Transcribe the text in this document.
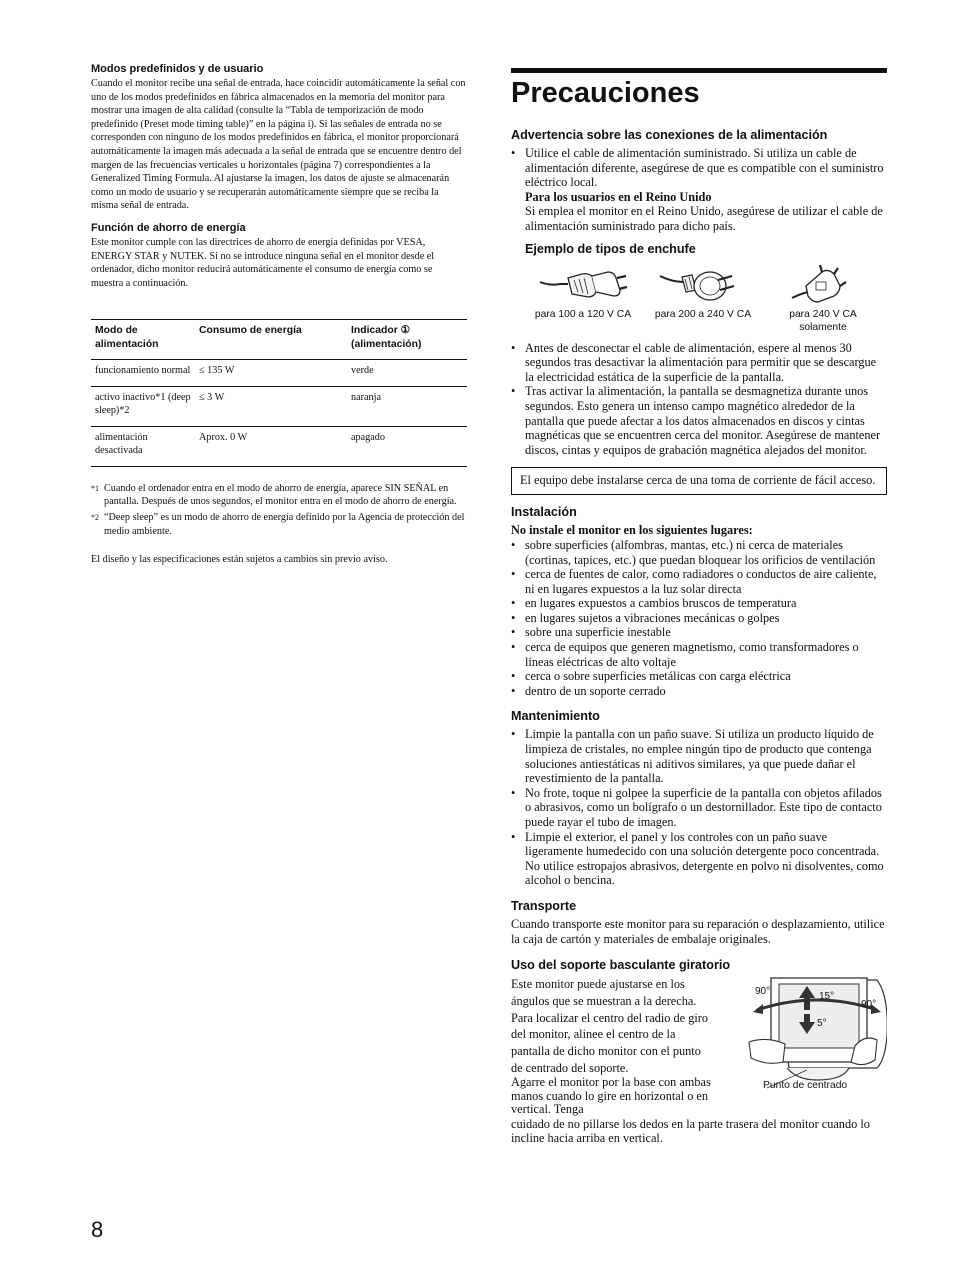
Modos predefinidos y de usuario

Cuando el monitor recibe una señal de entrada, hace coincidir automáticamente la señal con uno de los modos predefinidos en fábrica almacenados en la memoria del monitor para mostrar una imagen de alta calidad (consulte la “Tabla de temporización de modo predefinido (Preset mode timing table)” en la página i). Si las señales de entrada no se corresponden con ninguno de los modos predefinidos en fábrica, el monitor proporcionará automáticamente la imagen más adecuada a la señal de entrada que se encuentre dentro del margen de las frecuencias verticales u horizontales (página 7) correspondientes a la Generalized Timing Formula. Al ajustarse la imagen, los datos de ajuste se almacenarán como un modo de usuario y se recuperarán automáticamente siempre que se reciba la misma señal de entrada.

Función de ahorro de energía

Este monitor cumple con las directrices de ahorro de energía definidas por VESA, ENERGY STAR y NUTEK. Si no se introduce ninguna señal en el monitor desde el ordenador, dicho monitor reducirá automáticamente el consumo de energía como se muestra a continuación.

Modo de alimentación	Consumo de energía	Indicador ① (alimentación)
funcionamiento normal	≤ 135 W	verde
activo inactivo*1 (deep sleep)*2	≤ 3 W	naranja
alimentación desactivada	Aprox. 0 W	apagado

*1 Cuando el ordenador entra en el modo de ahorro de energía, aparece SIN SEÑAL en pantalla. Después de unos segundos, el monitor entra en el modo de ahorro de energía.

*2 “Deep sleep” es un modo de ahorro de energía definido por la Agencia de protección del medio ambiente.

El diseño y las especificaciones están sujetos a cambios sin previo aviso.

Precauciones

Advertencia sobre las conexiones de la alimentación

• Utilice el cable de alimentación suministrado. Si utiliza un cable de alimentación diferente, asegúrese de que es compatible con el suministro eléctrico local.
Para los usuarios en el Reino Unido
Si emplea el monitor en el Reino Unido, asegúrese de utilizar el cable de alimentación suministrado para dicho país.

Ejemplo de tipos de enchufe

para 100 a 120 V CA para 200 a 240 V CA	para 240 V CA solamente
• Antes de desconectar el cable de alimentación, espere al menos 30 segundos tras desactivar la alimentación para permitir que se descargue la electricidad estática de la superficie de la pantalla.
• Tras activar la alimentación, la pantalla se desmagnetiza durante unos segundos. Esto genera un intenso campo magnético alrededor de la pantalla que puede afectar a los datos almacenados en discos y cintas magnéticas que se encuentren cerca del monitor. Asegúrese de mantener discos, cintas y equipos de grabación magnética alejados del monitor.
El equipo debe instalarse cerca de una toma de corriente de fácil acceso.

Instalación

No instale el monitor en los siguientes lugares:

• sobre superficies (alfombras, mantas, etc.) ni cerca de materiales (cortinas, tapices, etc.) que puedan bloquear los orificios de ventilación
• cerca de fuentes de calor, como radiadores o conductos de aire caliente, ni en lugares expuestos a la luz solar directa
• en lugares expuestos a cambios bruscos de temperatura
• en lugares sujetos a vibraciones mecánicas o golpes
• sobre una superficie inestable
• cerca de equipos que generen magnetismo, como transformadores o líneas eléctricas de alto voltaje
• cerca o sobre superficies metálicas con carga eléctrica
• dentro de un soporte cerrado

Mantenimiento

• Limpie la pantalla con un paño suave. Si utiliza un producto líquido de limpieza de cristales, no emplee ningún tipo de producto que contenga soluciones antiestáticas ni aditivos similares, ya que puede dañar el revestimiento de la pantalla.
• No frote, toque ni golpee la superficie de la pantalla con objetos afilados o abrasivos, como un bolígrafo o un destornillador. Este tipo de contacto puede rayar el tubo de imagen.
• Limpie el exterior, el panel y los controles con un paño suave ligeramente humedecido con una solución detergente poco concentrada. No utilice estropajos abrasivos, detergente en polvo ni disolventes, como alcohol o bencina.

Transporte

Cuando transporte este monitor para su reparación o desplazamiento, utilice la caja de cartón y materiales de embalaje originales.

Uso del soporte basculante giratorio

Este monitor puede ajustarse en los ángulos que se muestran a la derecha. Para localizar el centro del radio de giro del monitor, alinee el centro de la pantalla de dicho monitor con el punto de centrado del soporte.
Agarre el monitor por la base con ambas manos cuando lo gire en horizontal o en vertical. Tenga
90°
90°
15°
5°
Punto de centrado

cuidado de no pillarse los dedos en la parte trasera del monitor cuando lo incline hacia arriba en vertical.

8
